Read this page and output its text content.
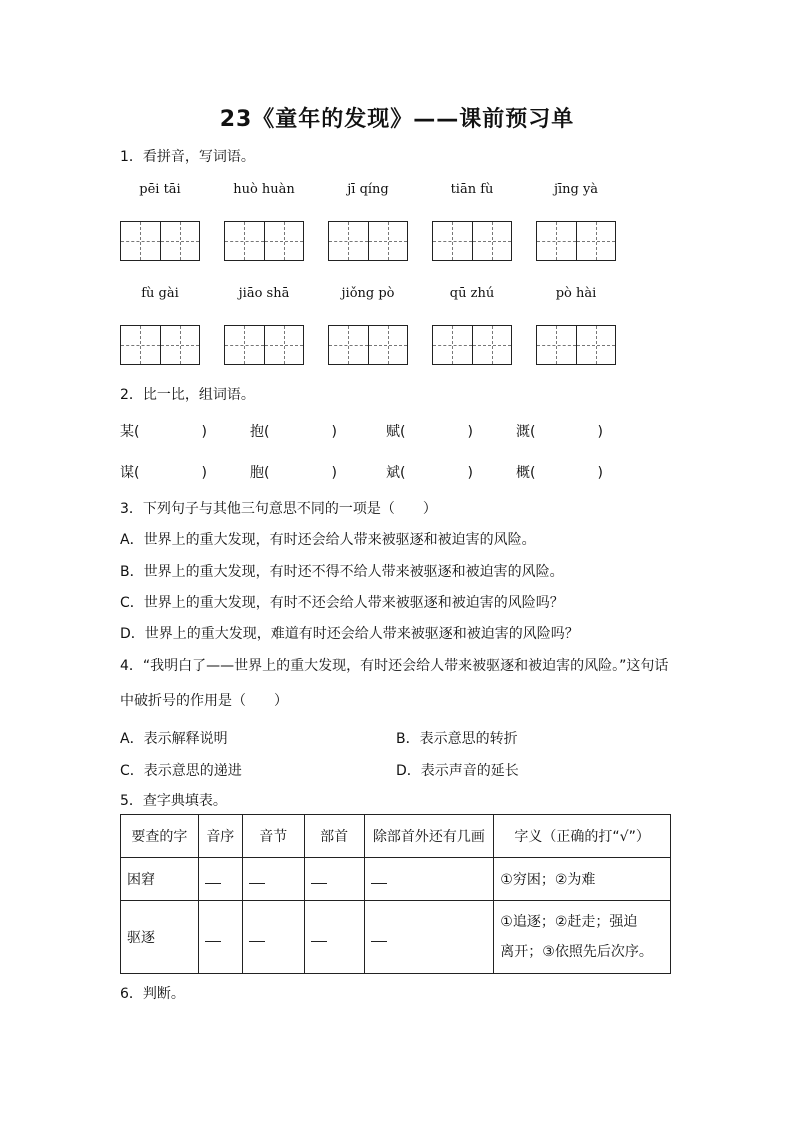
23《童年的发现》——课前预习单
1．看拼音，写词语。
pēi tāi	huò huàn	jī qíng	tiān fù	jīng yà
fù gài	jiāo shā	jiǒng pò	qū zhú	pò hài
2．比一比，组词语。
某(	)	抱(	)	赋(	)	溉(	)
谋(	)	胞(	)	斌(	)	概(	)
3．下列句子与其他三句意思不同的一项是（　　）
A．世界上的重大发现，有时还会给人带来被驱逐和被迫害的风险。
B．世界上的重大发现，有时还不得不给人带来被驱逐和被迫害的风险。
C．世界上的重大发现，有时不还会给人带来被驱逐和被迫害的风险吗？
D．世界上的重大发现，难道有时还会给人带来被驱逐和被迫害的风险吗？
4．“我明白了——世界上的重大发现，有时还会给人带来被驱逐和被迫害的风险。”这句话
中破折号的作用是（　　）
A．表示解释说明	B．表示意思的转折
C．表示意思的递进	D．表示声音的延长
5．查字典填表。
要查的字	音序	音节	部首	除部首外还有几画	字义（正确的打“√”）
困窘					①穷困；②为难
驱逐					①追逐；②赶走；强迫
离开；③依照先后次序。
6．判断。
